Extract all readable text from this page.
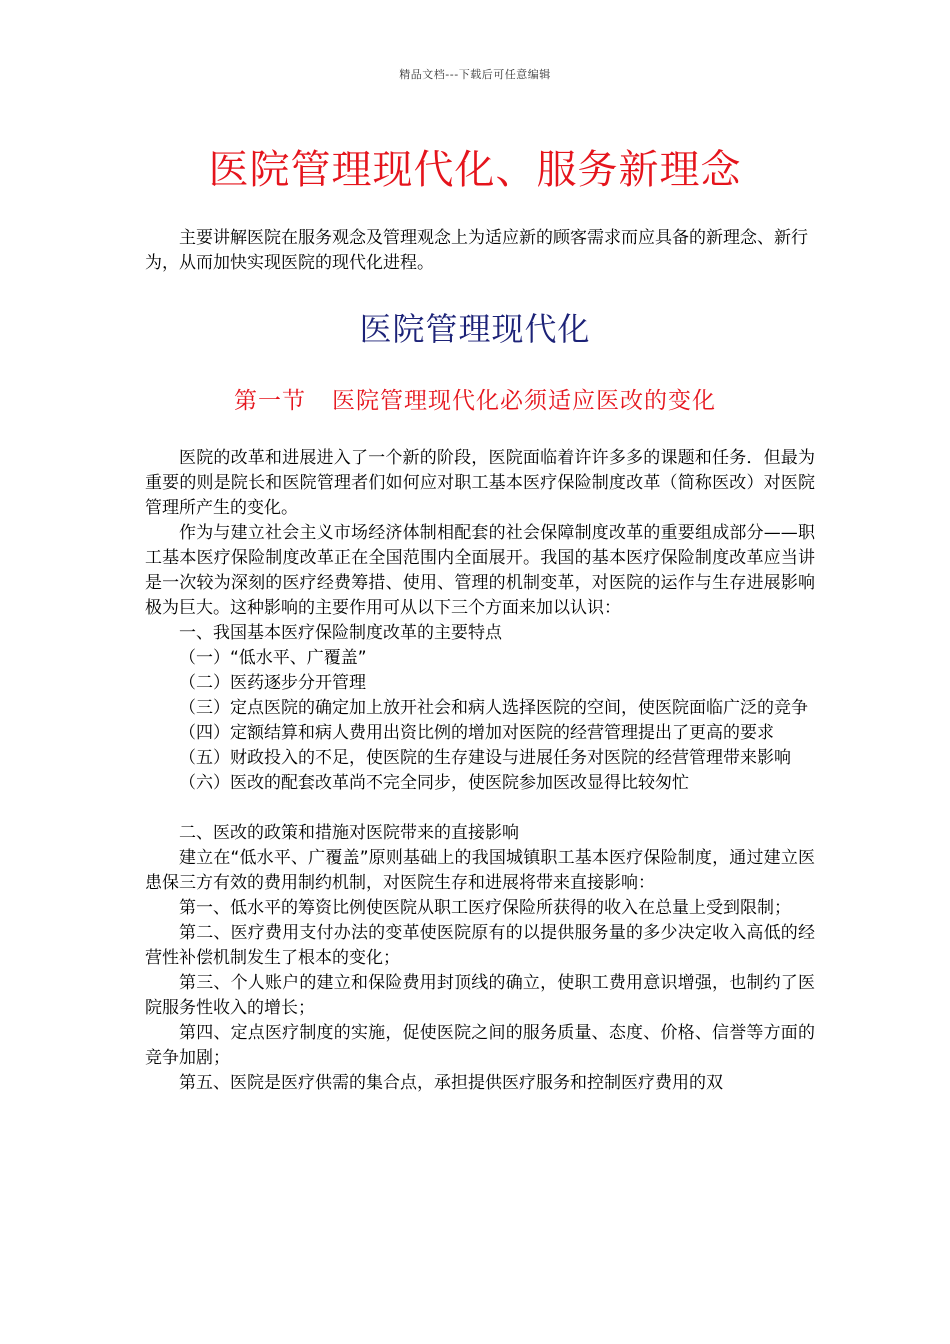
精品文档---下载后可任意编辑
医院管理现代化、服务新理念

主要讲解医院在服务观念及管理观念上为适应新的顾客需求而应具备的新理念、新行为，从而加快实现医院的现代化进程。

医院管理现代化
第一节 医院管理现代化必须适应医改的变化

医院的改革和进展进入了一个新的阶段，医院面临着许许多多的课题和任务．但最为重要的则是院长和医院管理者们如何应对职工基本医疗保险制度改革（简称医改）对医院管理所产生的变化。

作为与建立社会主义市场经济体制相配套的社会保障制度改革的重要组成部分——职工基本医疗保险制度改革正在全国范围内全面展开。我国的基本医疗保险制度改革应当讲是一次较为深刻的医疗经费筹措、使用、管理的机制变革，对医院的运作与生存进展影响极为巨大。这种影响的主要作用可从以下三个方面来加以认识：

一、我国基本医疗保险制度改革的主要特点

（一）“低水平、广覆盖”

（二）医药逐步分开管理

（三）定点医院的确定加上放开社会和病人选择医院的空间，使医院面临广泛的竞争

（四）定额结算和病人费用出资比例的增加对医院的经营管理提出了更高的要求

（五）财政投入的不足，使医院的生存建设与进展任务对医院的经营管理带来影响

（六）医改的配套改革尚不完全同步，使医院参加医改显得比较匆忙

二、医改的政策和措施对医院带来的直接影响

建立在“低水平、广覆盖”原则基础上的我国城镇职工基本医疗保险制度，通过建立医患保三方有效的费用制约机制，对医院生存和进展将带来直接影响：

第一、低水平的筹资比例使医院从职工医疗保险所获得的收入在总量上受到限制；

第二、医疗费用支付办法的变革使医院原有的以提供服务量的多少决定收入高低的经营性补偿机制发生了根本的变化；

第三、个人账户的建立和保险费用封顶线的确立，使职工费用意识增强，也制约了医院服务性收入的增长；

第四、定点医疗制度的实施，促使医院之间的服务质量、态度、价格、信誉等方面的竞争加剧；

第五、医院是医疗供需的集合点，承担提供医疗服务和控制医疗费用的双
